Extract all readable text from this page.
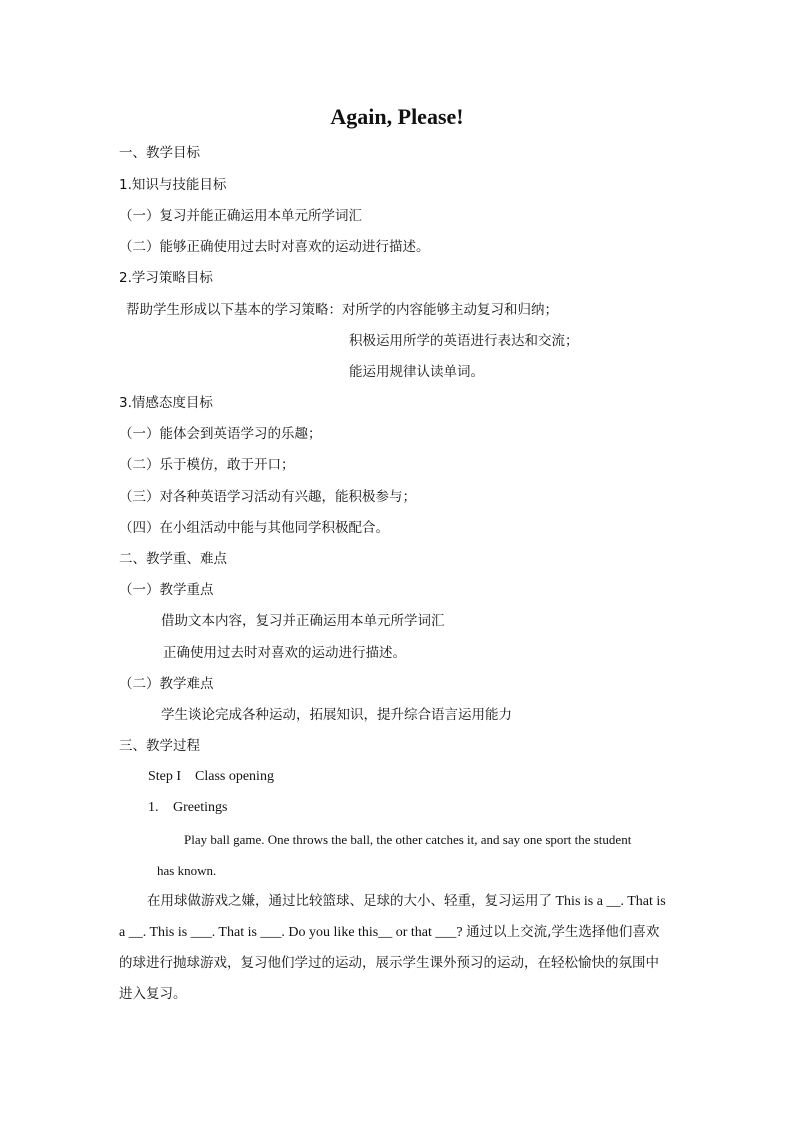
Again, Please!
一、教学目标
1.知识与技能目标
（一）复习并能正确运用本单元所学词汇
（二）能够正确使用过去时对喜欢的运动进行描述。
2.学习策略目标
帮助学生形成以下基本的学习策略：对所学的内容能够主动复习和归纳；
积极运用所学的英语进行表达和交流；
能运用规律认读单词。
3.情感态度目标
（一）能体会到英语学习的乐趣；
（二）乐于模仿，敢于开口；
（三）对各种英语学习活动有兴趣，能积极参与；
（四）在小组活动中能与其他同学积极配合。
二、教学重、难点
（一）教学重点
借助文本内容，复习并正确运用本单元所学词汇
正确使用过去时对喜欢的运动进行描述。
（二）教学难点
学生谈论完成各种运动，拓展知识，提升综合语言运用能力
三、教学过程
Step I Class opening
1. Greetings
Play ball game. One throws the ball, the other catches it, and say one sport the student
has known.
在用球做游戏之嫌，通过比较篮球、足球的大小、轻重，复习运用了 This is a __. That is a __. This is ___. That is ___. Do you like this__ or that ___? 通过以上交流,学生选择他们喜欢的球进行抛球游戏，复习他们学过的运动，展示学生课外预习的运动，在轻松愉快的氛围中进入复习。
